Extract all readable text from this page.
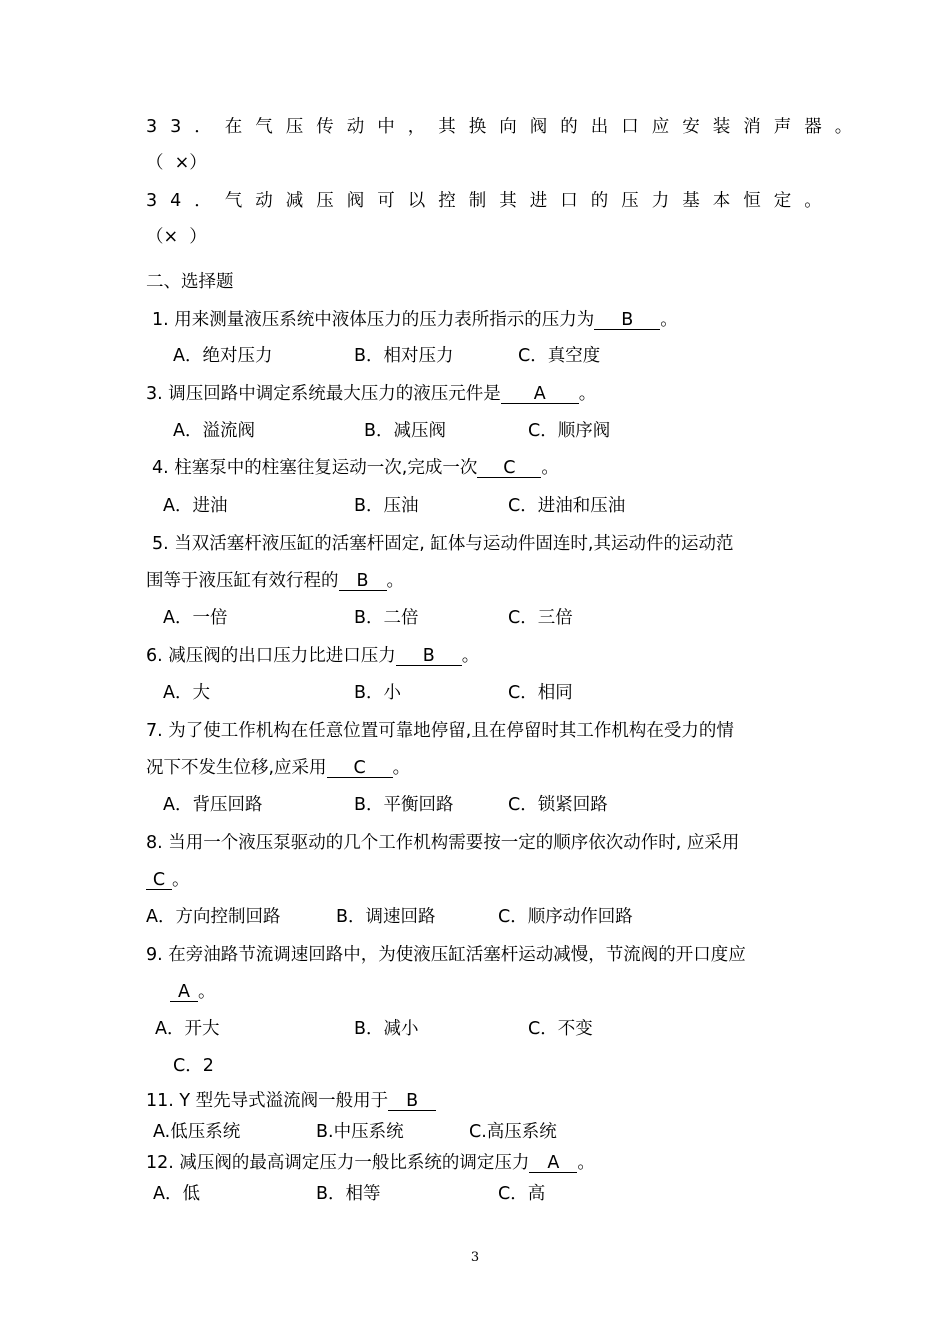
33．在气压传动中，其换向阀的出口应安装消声器。
（  ×）
34．气动减压阀可以控制其进口的压力基本恒定。
（×  ）
二、选择题
1. 用来测量液压系统中液体压力的压力表所指示的压力为 B 。
A．绝对压力	B．相对压力	C．真空度
3. 调压回路中调定系统最大压力的液压元件是 A 。
A．溢流阀	B．减压阀	C．顺序阀
4. 柱塞泵中的柱塞往复运动一次,完成一次 C 。
A．进油	B．压油	C．进油和压油
5. 当双活塞杆液压缸的活塞杆固定, 缸体与运动件固连时,其运动件的运动范
围等于液压缸有效行程的 B 。
A．一倍	B．二倍	C．三倍
6. 减压阀的出口压力比进口压力 B 。
A．大	B．小	C．相同
7. 为了使工作机构在任意位置可靠地停留,且在停留时其工作机构在受力的情
况下不发生位移,应采用 C 。
A．背压回路	B．平衡回路	C．锁紧回路
8. 当用一个液压泵驱动的几个工作机构需要按一定的顺序依次动作时, 应采用
C 。
A．方向控制回路	B．调速回路	C．顺序动作回路
9. 在旁油路节流调速回路中，为使液压缸活塞杆运动减慢，节流阀的开口度应
A 。
A．开大	B．减小	C．不变
C．2
11. Y 型先导式溢流阀一般用于 B
A.低压系统	B.中压系统	C.高压系统
12. 减压阀的最高调定压力一般比系统的调定压力 A 。
A．低	B．相等	C．高
3
